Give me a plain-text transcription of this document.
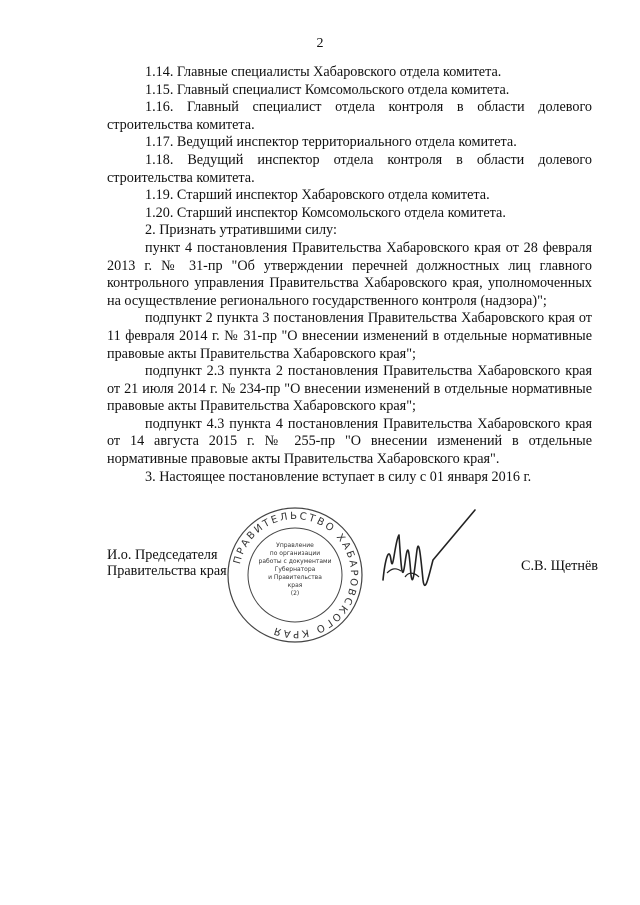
2

1.14. Главные специалисты Хабаровского отдела комитета.

1.15. Главный специалист Комсомольского отдела комитета.

1.16. Главный специалист отдела контроля в области долевого строительства комитета.

1.17. Ведущий инспектор территориального отдела комитета.

1.18. Ведущий инспектор отдела контроля в области долевого строительства комитета.

1.19. Старший инспектор Хабаровского отдела комитета.

1.20. Старший инспектор Комсомольского отдела комитета.

2. Признать утратившими силу:

пункт 4 постановления Правительства Хабаровского края от 28 февраля 2013 г. № 31-пр "Об утверждении перечней должностных лиц главного контрольного управления Правительства Хабаровского края, уполномоченных на осуществление регионального государственного контроля (надзора)";

подпункт 2 пункта 3 постановления Правительства Хабаровского края от 11 февраля 2014 г. № 31-пр "О внесении изменений в отдельные нормативные правовые акты Правительства Хабаровского края";

подпункт 2.3 пункта 2 постановления Правительства Хабаровского края от 21 июля 2014 г. № 234-пр "О внесении изменений в отдельные нормативные правовые акты Правительства Хабаровского края";

подпункт 4.3 пункта 4 постановления Правительства Хабаровского края от 14 августа 2015 г. № 255-пр "О внесении изменений в отдельные нормативные правовые акты Правительства Хабаровского края".

3. Настоящее постановление вступает в силу с 01 января 2016 г.

И.о. Председателя
Правительства края
ПРАВИТЕЛЬСТВО ХАБАРОВСКОГО КРАЯ
Управление
по организации
работы с документами
Губернатора
и Правительства
края
(2)
С.В. Щетнёв
